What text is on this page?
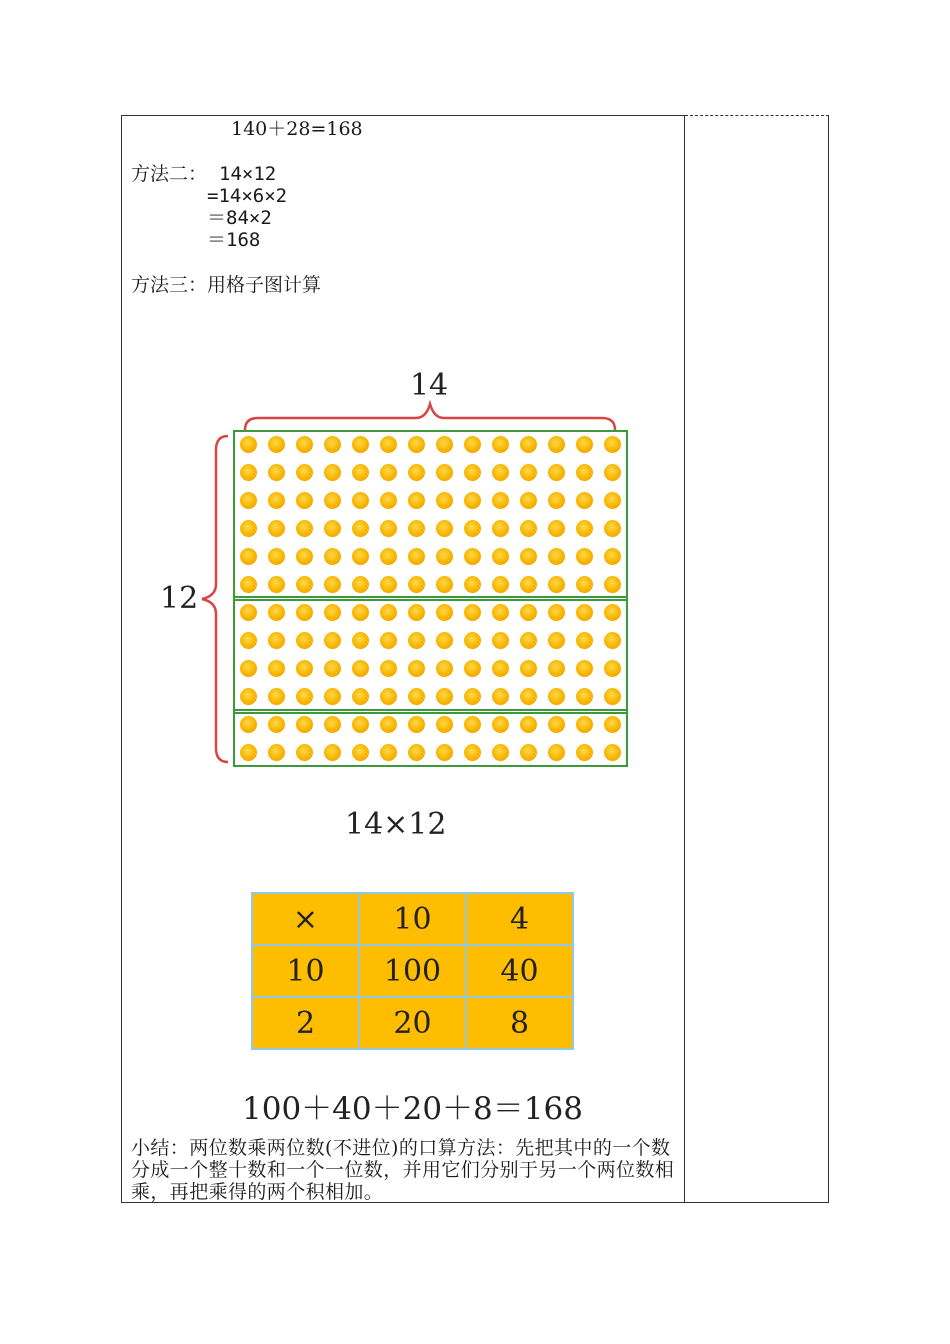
140＋28=168
方法二： 14×12
=14×6×2
＝84×2
＝168
方法三：用格子图计算
14
12
14×12
×	10	4
10	100	40
2	20	8
100＋40＋20＋8＝168
小结：两位数乘两位数(不进位)的口算方法：先把其中的一个数分成一个整十数和一个一位数，并用它们分别于另一个两位数相乘，再把乘得的两个积相加。
